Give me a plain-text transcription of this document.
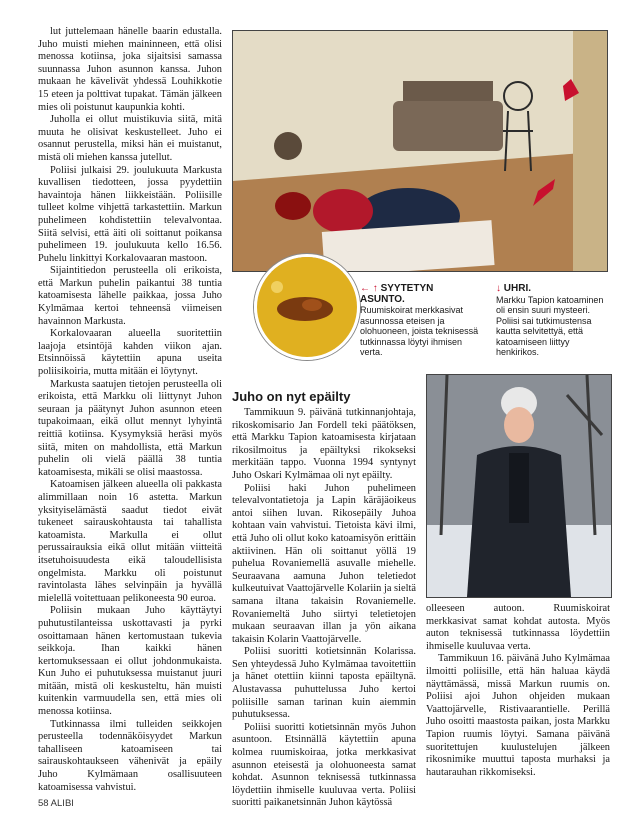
lut juttelemaan hänelle baarin edustalla. Juho muisti miehen maininneen, että olisi menossa kotiinsa, joka sijaitsisi samassa suunnassa Juhon asunnon kanssa. Juhon mukaan he kävelivät yhdessä Louhikkotie 15 eteen ja polttivat tupakat. Tämän jälkeen mies oli poistunut kaupunkia kohti.

Juholla ei ollut muistikuvia siitä, mitä muuta he olisivat keskustelleet. Juho ei osannut perustella, miksi hän ei muistanut, mistä oli miehen kanssa jutellut.

Poliisi julkaisi 29. joulukuuta Markusta kuvallisen tiedotteen, jossa pyydettiin havaintoja hänen liikkeistään. Poliisille tulleet kolme vihjettä tarkastettiin. Markun puhelimeen kohdistettiin televalvontaa. Siitä selvisi, että äiti oli soittanut poikansa puhelimeen 19. joulukuuta kello 16.56. Puhelu linkittyi Korkalovaaran mastoon.

Sijaintitiedon perusteella oli erikoista, että Markun puhelin paikantui 38 tuntia katoamisesta lähelle paikkaa, jossa Juho Kylmämaa kertoi tehneensä viimeisen havainnon Markusta.

Korkalovaaran alueella suoritettiin laajoja etsintöjä kahden viikon ajan. Etsinnöissä käytettiin apuna useita poliisikoiria, mutta mitään ei löytynyt.

Markusta saatujen tietojen perusteella oli erikoista, että Markku oli liittynyt Juhon seuraan ja päätynyt Juhon asunnon eteen tupakoimaan, eikä ollut mennyt lyhyintä reittiä kotiinsa. Kysymyksiä heräsi myös siitä, miten on mahdollista, että Markun puhelin oli vielä päällä 38 tuntia katoamisesta, mikäli se olisi maastossa.

Katoamisen jälkeen alueella oli pakkasta alimmillaan noin 16 astetta. Markun yksityiselämästä saadut tiedot eivät tukeneet sairauskohtausta tai tahallista katoamista. Markulla ei ollut perussairauksia eikä ollut mitään viitteitä itsetuhoisuudesta eikä taloudellisista ongelmista. Markku oli poistunut ravintolasta lähes selvinpäin ja hyvällä mielellä voitettuaan pelikoneesta 90 euroa.

Poliisin mukaan Juho käyttäytyi puhutustilanteissa uskottavasti ja pyrki osoittamaan hänen kertomustaan tukevia seikkoja. Ihan kaikki hänen kertomuksessaan ei ollut johdonmukaista. Kun Juho ei puhutuksessa muistanut juuri mitään, mistä oli keskusteltu, hän muisti kuitenkin varmuudella sen, että mies oli menossa kotiinsa.

Tutkinnassa ilmi tulleiden seikkojen perusteella todennäköisyydet Markun tahalliseen katoamiseen tai sairauskohtaukseen vähenivät ja epäily Juho Kylmämaan osallisuuteen katoamisessa vahvistui.

← ↑ SYYTETYN ASUNTO.
Ruumiskoirat merkkasivat asunnossa eteisen ja olohuoneen, joista teknisessä tutkinnassa löytyi ihmisen verta.
↓ UHRI.
Markku Tapion katoaminen oli ensin suuri mysteeri. Poliisi sai tutkimustensa kautta selvitettyä, että katoamiseen liittyy henkirikos.
Juho on nyt epäilty

Tammikuun 9. päivänä tutkinnanjohtaja, rikoskomisario Jan Fordell teki päätöksen, että Markku Tapion katoamisesta kirjataan rikosilmoitus ja epäiltyksi rikokseksi merkitään tappo. Vuonna 1994 syntynyt Juho Oskari Kylmämaa oli nyt epäilty.

Poliisi haki Juhon puhelimeen televalvontatietoja ja Lapin käräjäoikeus antoi siihen luvan. Rikosepäily Juhoa kohtaan vain vahvistui. Tietoista kävi ilmi, että Juho oli ollut koko katoamisyön erittäin aktiivinen. Hän oli soittanut yöllä 19 puhelua Rovaniemellä asuvalle miehelle. Seuraavana aamuna Juhon teletiedot kulkeutuivat Vaattojärvelle Kolariin ja sieltä samana iltana takaisin Rovaniemelle. Rovaniemeltä Juho siirtyi teletietojen mukaan seuraavan illan ja yön aikana takaisin Kolarin Vaattojärvelle.

Poliisi suoritti kotietsinnän Kolarissa. Sen yhteydessä Juho Kylmämaa tavoitettiin ja hänet otettiin kiinni taposta epäiltynä. Alustavassa puhuttelussa Juho kertoi poliisille saman tarinan kuin aiemmin puhutuksessa.

Poliisi suoritti kotietsinnän myös Juhon asuntoon. Etsinnällä käytettiin apuna kolmea ruumiskoiraa, jotka merkkasivat asunnon eteisestä ja olohuoneesta samat kohdat. Asunnon teknisessä tutkinnassa löydettiin ihmiselle kuuluvaa verta. Poliisi suoritti paikanetsinnän Juhon käytössä

olleeseen autoon. Ruumiskoirat merkkasivat samat kohdat autosta. Myös auton teknisessä tutkinnassa löydettiin ihmiselle kuuluvaa verta.

Tammikuun 16. päivänä Juho Kylmämaa ilmoitti poliisille, että hän haluaa käydä näyttämässä, missä Markun ruumis on. Poliisi ajoi Juhon ohjeiden mukaan Vaattojärvelle, Ristivaarantielle. Perillä Juho osoitti maastosta paikan, josta Markku Tapion ruumis löytyi. Samana päivänä suoritettujen kuulustelujen jälkeen rikosnimike muuttui taposta murhaksi ja hautarauhan rikkomiseksi.

58 ALIBI
